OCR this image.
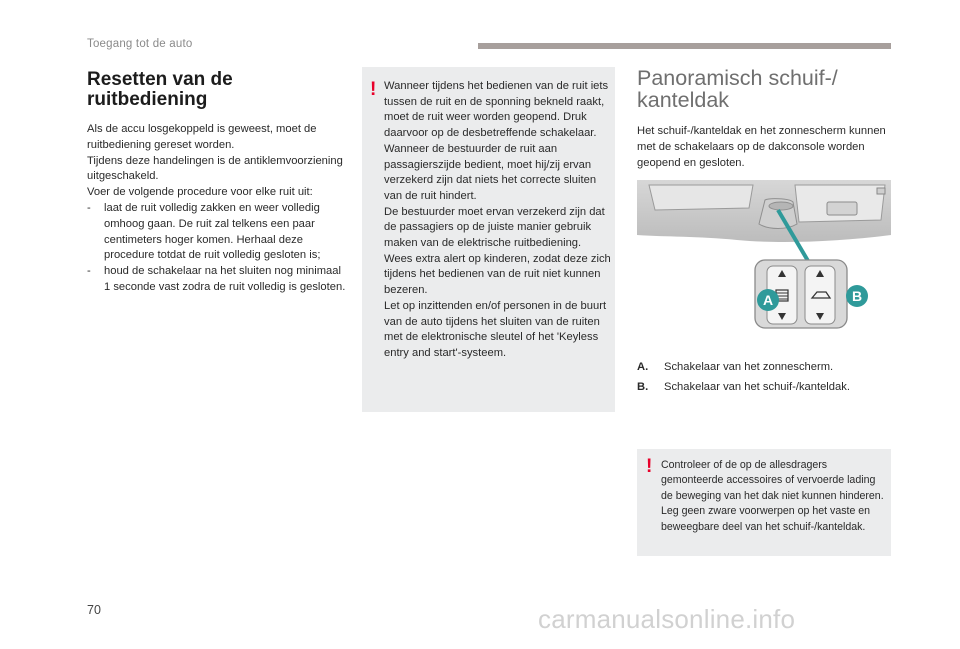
Toegang tot de auto
Resetten van de ruitbediening

Als de accu losgekoppeld is geweest, moet de ruitbediening gereset worden.

Tijdens deze handelingen is de antiklemvoorziening uitgeschakeld.

Voer de volgende procedure voor elke ruit uit:

- laat de ruit volledig zakken en weer volledig omhoog gaan. De ruit zal telkens een paar centimeters hoger komen. Herhaal deze procedure totdat de ruit volledig gesloten is;
- houd de schakelaar na het sluiten nog minimaal 1 seconde vast zodra de ruit volledig is gesloten.
! Wanneer tijdens het bedienen van de ruit iets tussen de ruit en de sponning bekneld raakt, moet de ruit weer worden geopend. Druk daarvoor op de desbetreffende schakelaar.
Wanneer de bestuurder de ruit aan passagierszijde bedient, moet hij/zij ervan verzekerd zijn dat niets het correcte sluiten van de ruit hindert.
De bestuurder moet ervan verzekerd zijn dat de passagiers op de juiste manier gebruik maken van de elektrische ruitbediening.
Wees extra alert op kinderen, zodat deze zich tijdens het bedienen van de ruit niet kunnen bezeren.
Let op inzittenden en/of personen in de buurt van de auto tijdens het sluiten van de ruiten met de elektronische sleutel of het 'Keyless entry and start'-systeem.
Panoramisch schuif-/ kanteldak

Het schuif-/kanteldak en het zonnescherm kunnen met de schakelaars op de dakconsole worden geopend en gesloten.

A	B
A.	Schakelaar van het zonnescherm.
B.	Schakelaar van het schuif-/kanteldak.
! Controleer of de op de allesdragers gemonteerde accessoires of vervoerde lading de beweging van het dak niet kunnen hinderen.
Leg geen zware voorwerpen op het vaste en beweegbare deel van het schuif-/kanteldak.
70	carmanualsonline.info
